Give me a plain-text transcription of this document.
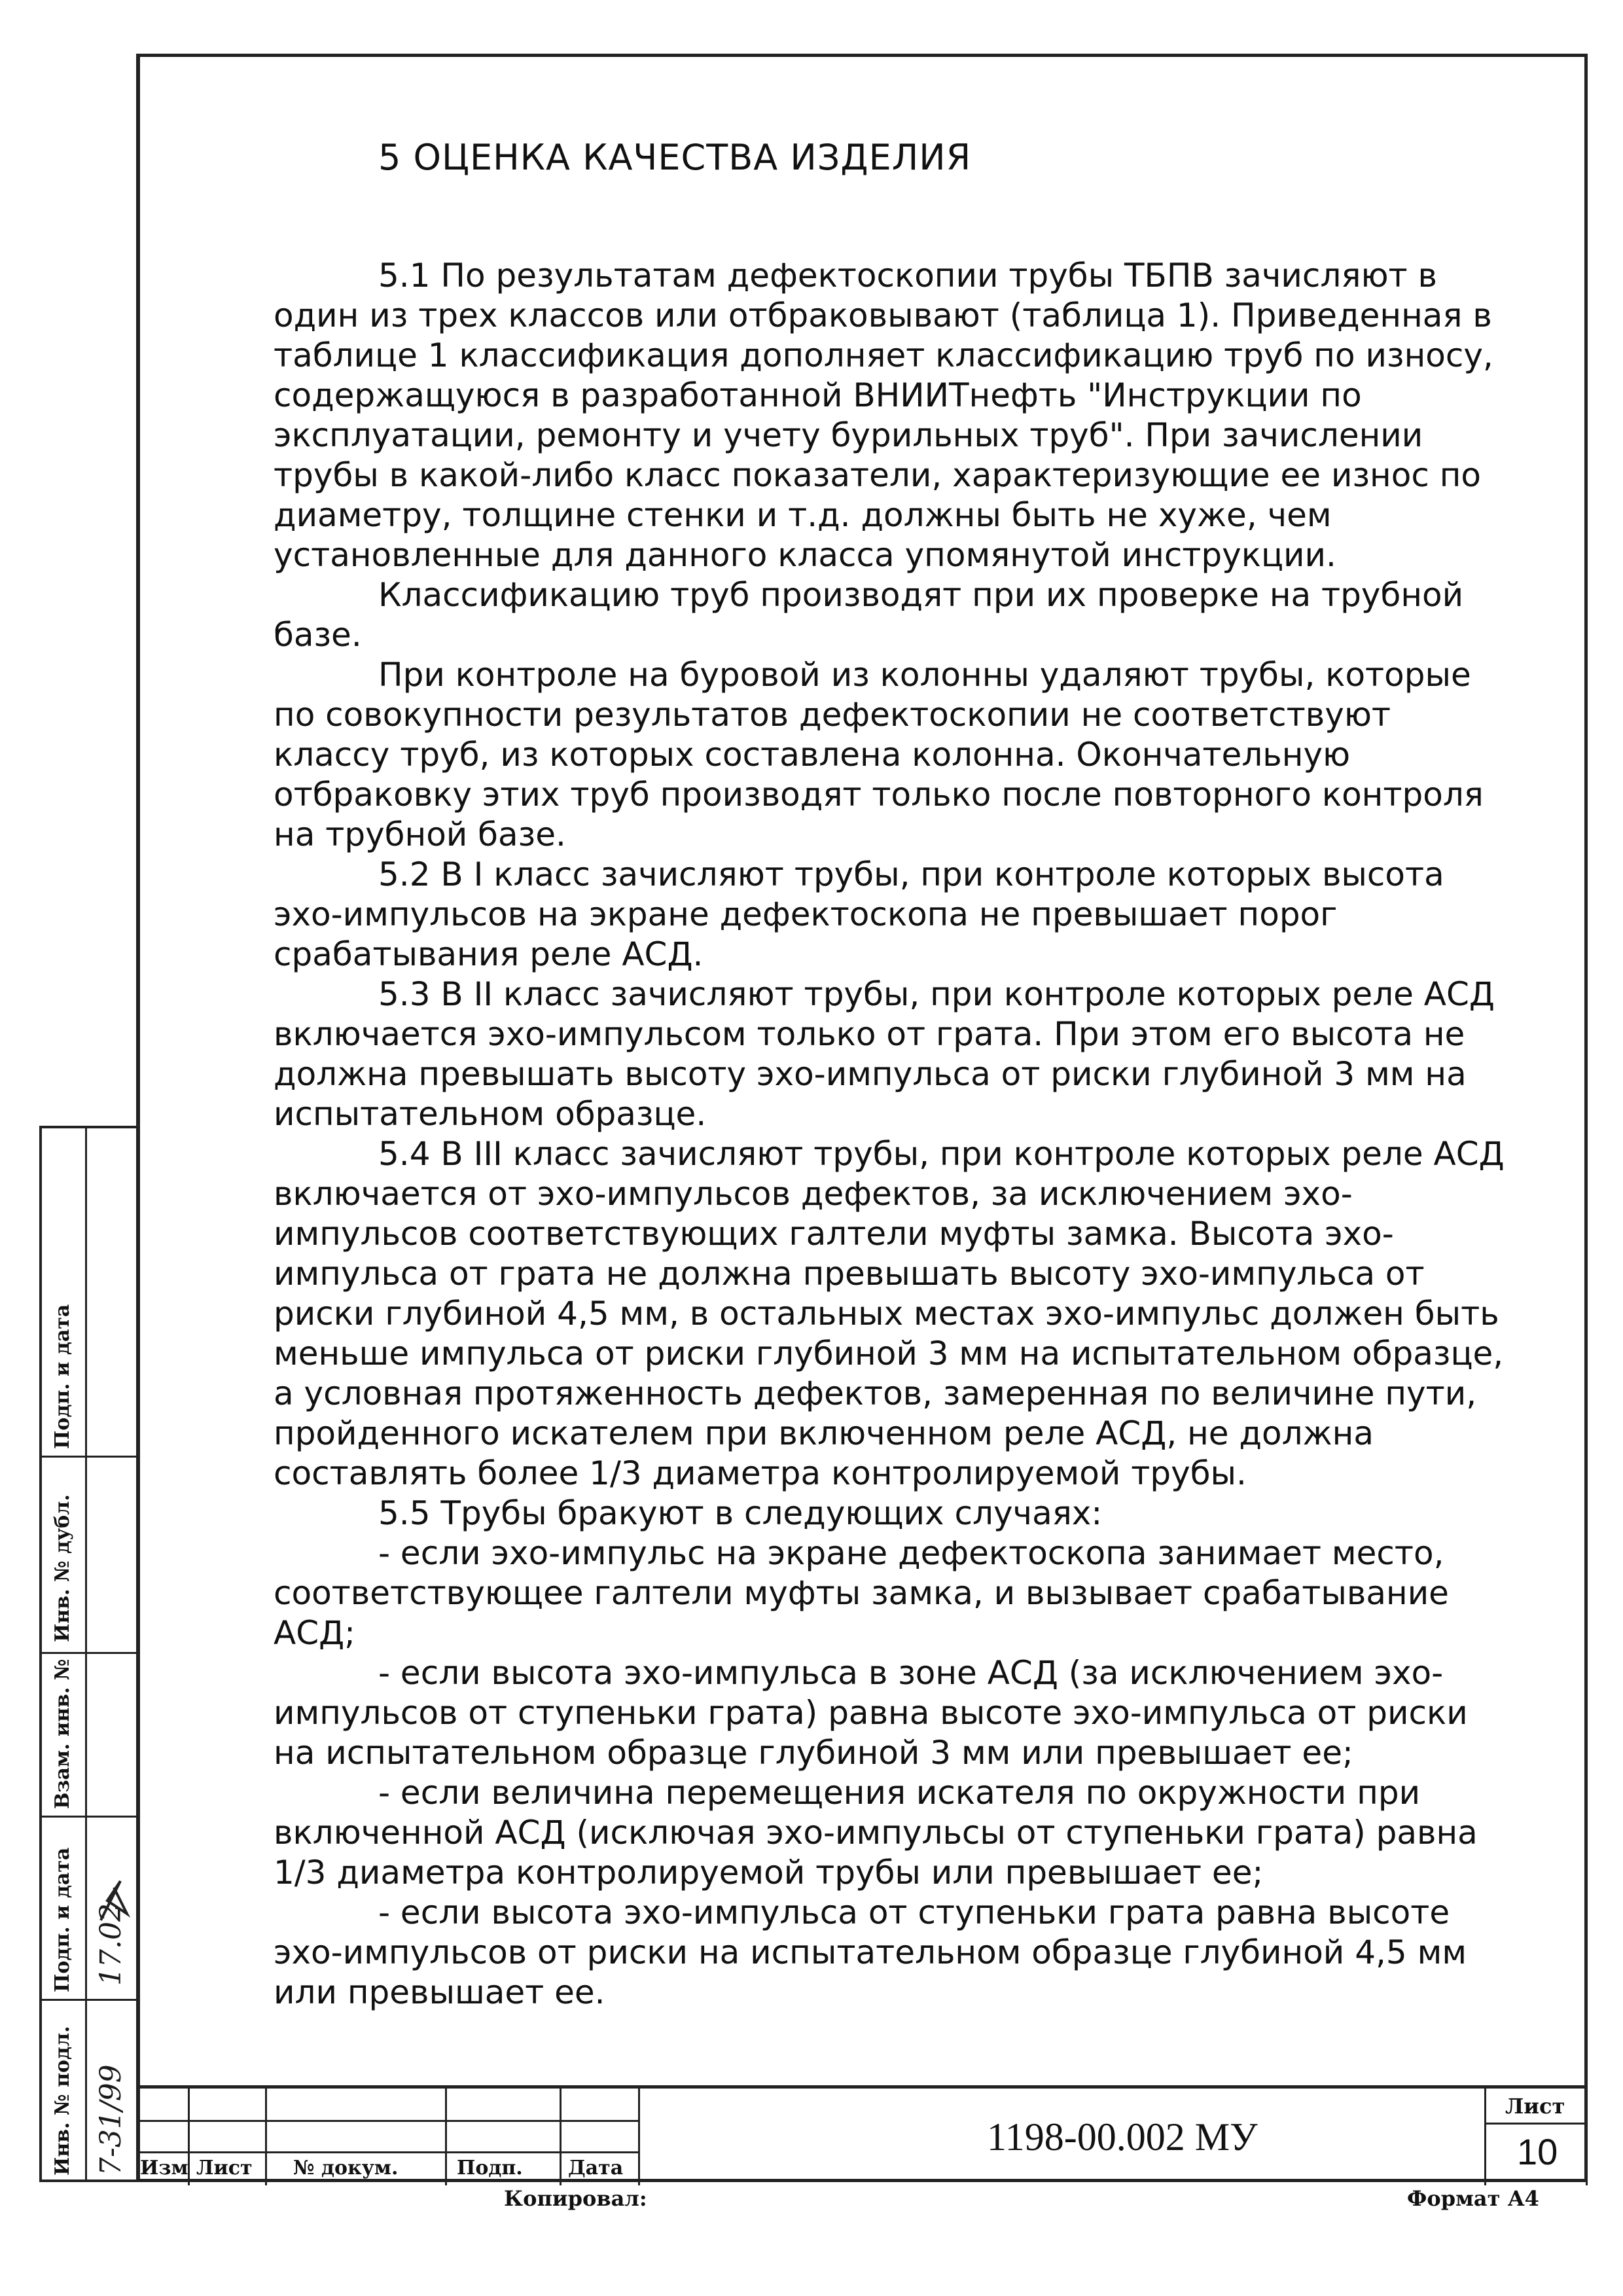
5 ОЦЕНКА КАЧЕСТВА ИЗДЕЛИЯ

5.1 По результатам дефектоскопии трубы ТБПВ зачисляют в один из трех классов или отбраковывают (таблица 1). Приведенная в таблице 1 классификация дополняет классификацию труб по износу, содержащуюся в разработанной ВНИИТнефть "Инструкции по эксплуатации, ремонту и учету бурильных труб". При зачислении трубы в какой-либо класс показатели, характеризующие ее износ по диаметру, толщине стенки и т.д. должны быть не хуже, чем установленные для данного класса упомянутой инструкции.

Классификацию труб производят при их проверке на трубной базе.

При контроле на буровой из колонны удаляют трубы, которые по совокупности результатов дефектоскопии не соответствуют классу труб, из которых составлена колонна. Окончательную отбраковку этих труб производят только после повторного контроля на трубной базе.

5.2 В I класс зачисляют трубы, при контроле которых высота эхо-импульсов на экране дефектоскопа не превышает порог срабатывания реле АСД.

5.3 В II класс зачисляют трубы, при контроле которых реле АСД включается эхо-импульсом только от грата. При этом его высота не должна превышать высоту эхо-импульса от риски глубиной 3 мм на испытательном образце.

5.4 В III класс зачисляют трубы, при контроле которых реле АСД включается от эхо-импульсов дефектов, за исключением эхо-импульсов соответствующих галтели муфты замка. Высота эхо-импульса от грата не должна превышать высоту эхо-импульса от риски глубиной 4,5 мм, в остальных местах эхо-импульс должен быть меньше импульса от риски глубиной 3 мм на испытательном образце, а условная протяженность дефектов, замеренная по величине пути, пройденного искателем при включенном реле АСД, не должна составлять более 1/3 диаметра контролируемой трубы.

5.5 Трубы бракуют в следующих случаях:

- если эхо-импульс на экране дефектоскопа занимает место, соответствующее галтели муфты замка, и вызывает срабатывание АСД;

- если высота эхо-импульса в зоне АСД (за исключением эхо-импульсов от ступеньки грата) равна высоте эхо-импульса от риски на испытательном образце глубиной 3 мм или превышает ее;

- если величина перемещения искателя по окружности при включенной АСД (исключая эхо-импульсы от ступеньки грата) равна 1/3 диаметра контролируемой трубы или превышает ее;

- если высота эхо-импульса от ступеньки грата равна высоте эхо-импульсов от риски на испытательном образце глубиной 4,5 мм или превышает ее.

Подп. и дата
Инв. № дубл.
Взам. инв. №
Подп. и дата
Инв. № подл.
17.02
7-31/99 Изм Лист № докум.	Подп. Дата
1198-00.002 МУ
Лист
10
Копировал:	Формат А4
